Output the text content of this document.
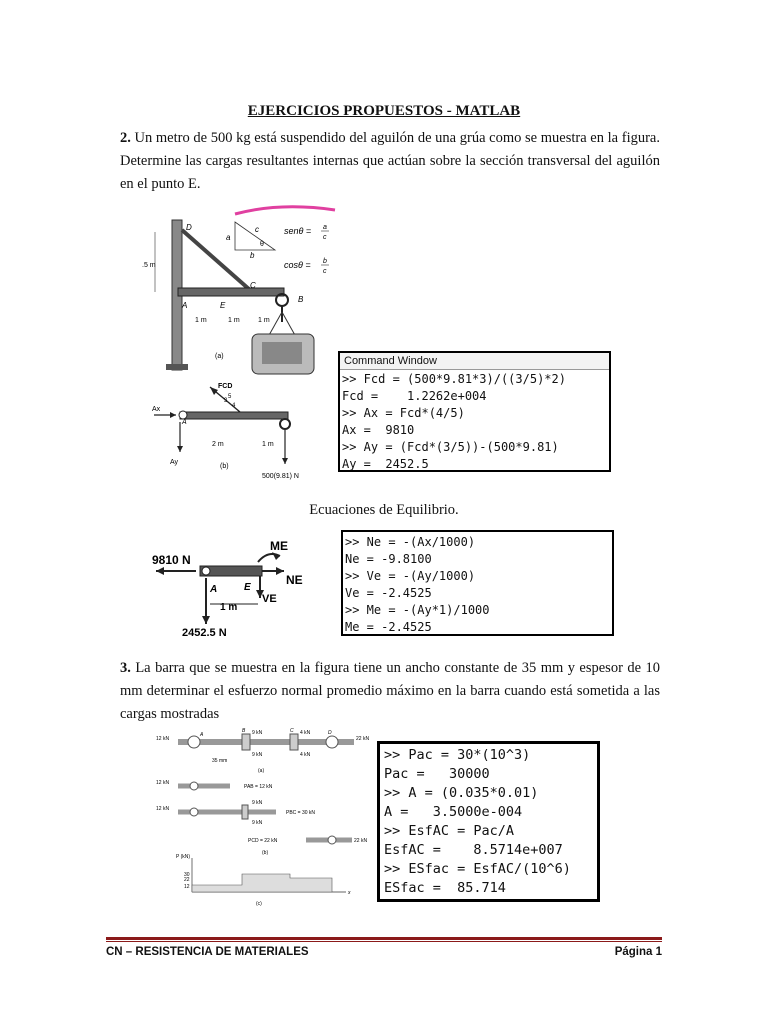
EJERCICIOS PROPUESTOS - MATLAB
2. Un metro de 500 kg está suspendido del aguilón de una grúa como se muestra en la figura. Determine las cargas resultantes internas que actúan sobre la sección transversal del aguilón en el punto E.
B
D
C
A	E
.5 m
1 m	1 m	1 m
a
c
b
θ
senθ = a
c
cosθ = b
c
(a)
FCD
3
4
5
Ax
Ay
A
2 m	1 m
(b)
500(9.81) N
Command Window
>> Fcd = (500*9.81*3)/((3/5)*2)
Fcd =    1.2262e+004
>> Ax = Fcd*(4/5)
Ax =  9810
>> Ay = (Fcd*(3/5))-(500*9.81)
Ay =  2452.5
Ecuaciones de Equilibrio.
9810 N
2452.5 N
A	E
1 m
ME
NE
VE
>> Ne = -(Ax/1000)
Ne = -9.8100
>> Ve = -(Ay/1000)
Ve = -2.4525
>> Me = -(Ay*1)/1000
Me = -2.4525
3. La barra que se muestra en la figura tiene un ancho constante de 35 mm y espesor de 10 mm determinar el esfuerzo normal promedio máximo en la barra cuando está sometida a las cargas mostradas
12 kN	22 kN
9 kN
9 kN
4 kN
4 kN
A
B	C	D
35 mm
(a)
12 kN
PAB = 12 kN
12 kN
9 kN
9 kN
PBC = 30 kN
PCD = 22 kN	22 kN
(b)
P (kN)
30
22
12
x
(c)
>> Pac = 30*(10^3)
Pac =   30000
>> A = (0.035*0.01)
A =   3.5000e-004
>> EsfAC = Pac/A
EsfAC =    8.5714e+007
>> ESfac = EsfAC/(10^6)
ESfac =  85.714
CN – RESISTENCIA DE MATERIALES	Página 1
